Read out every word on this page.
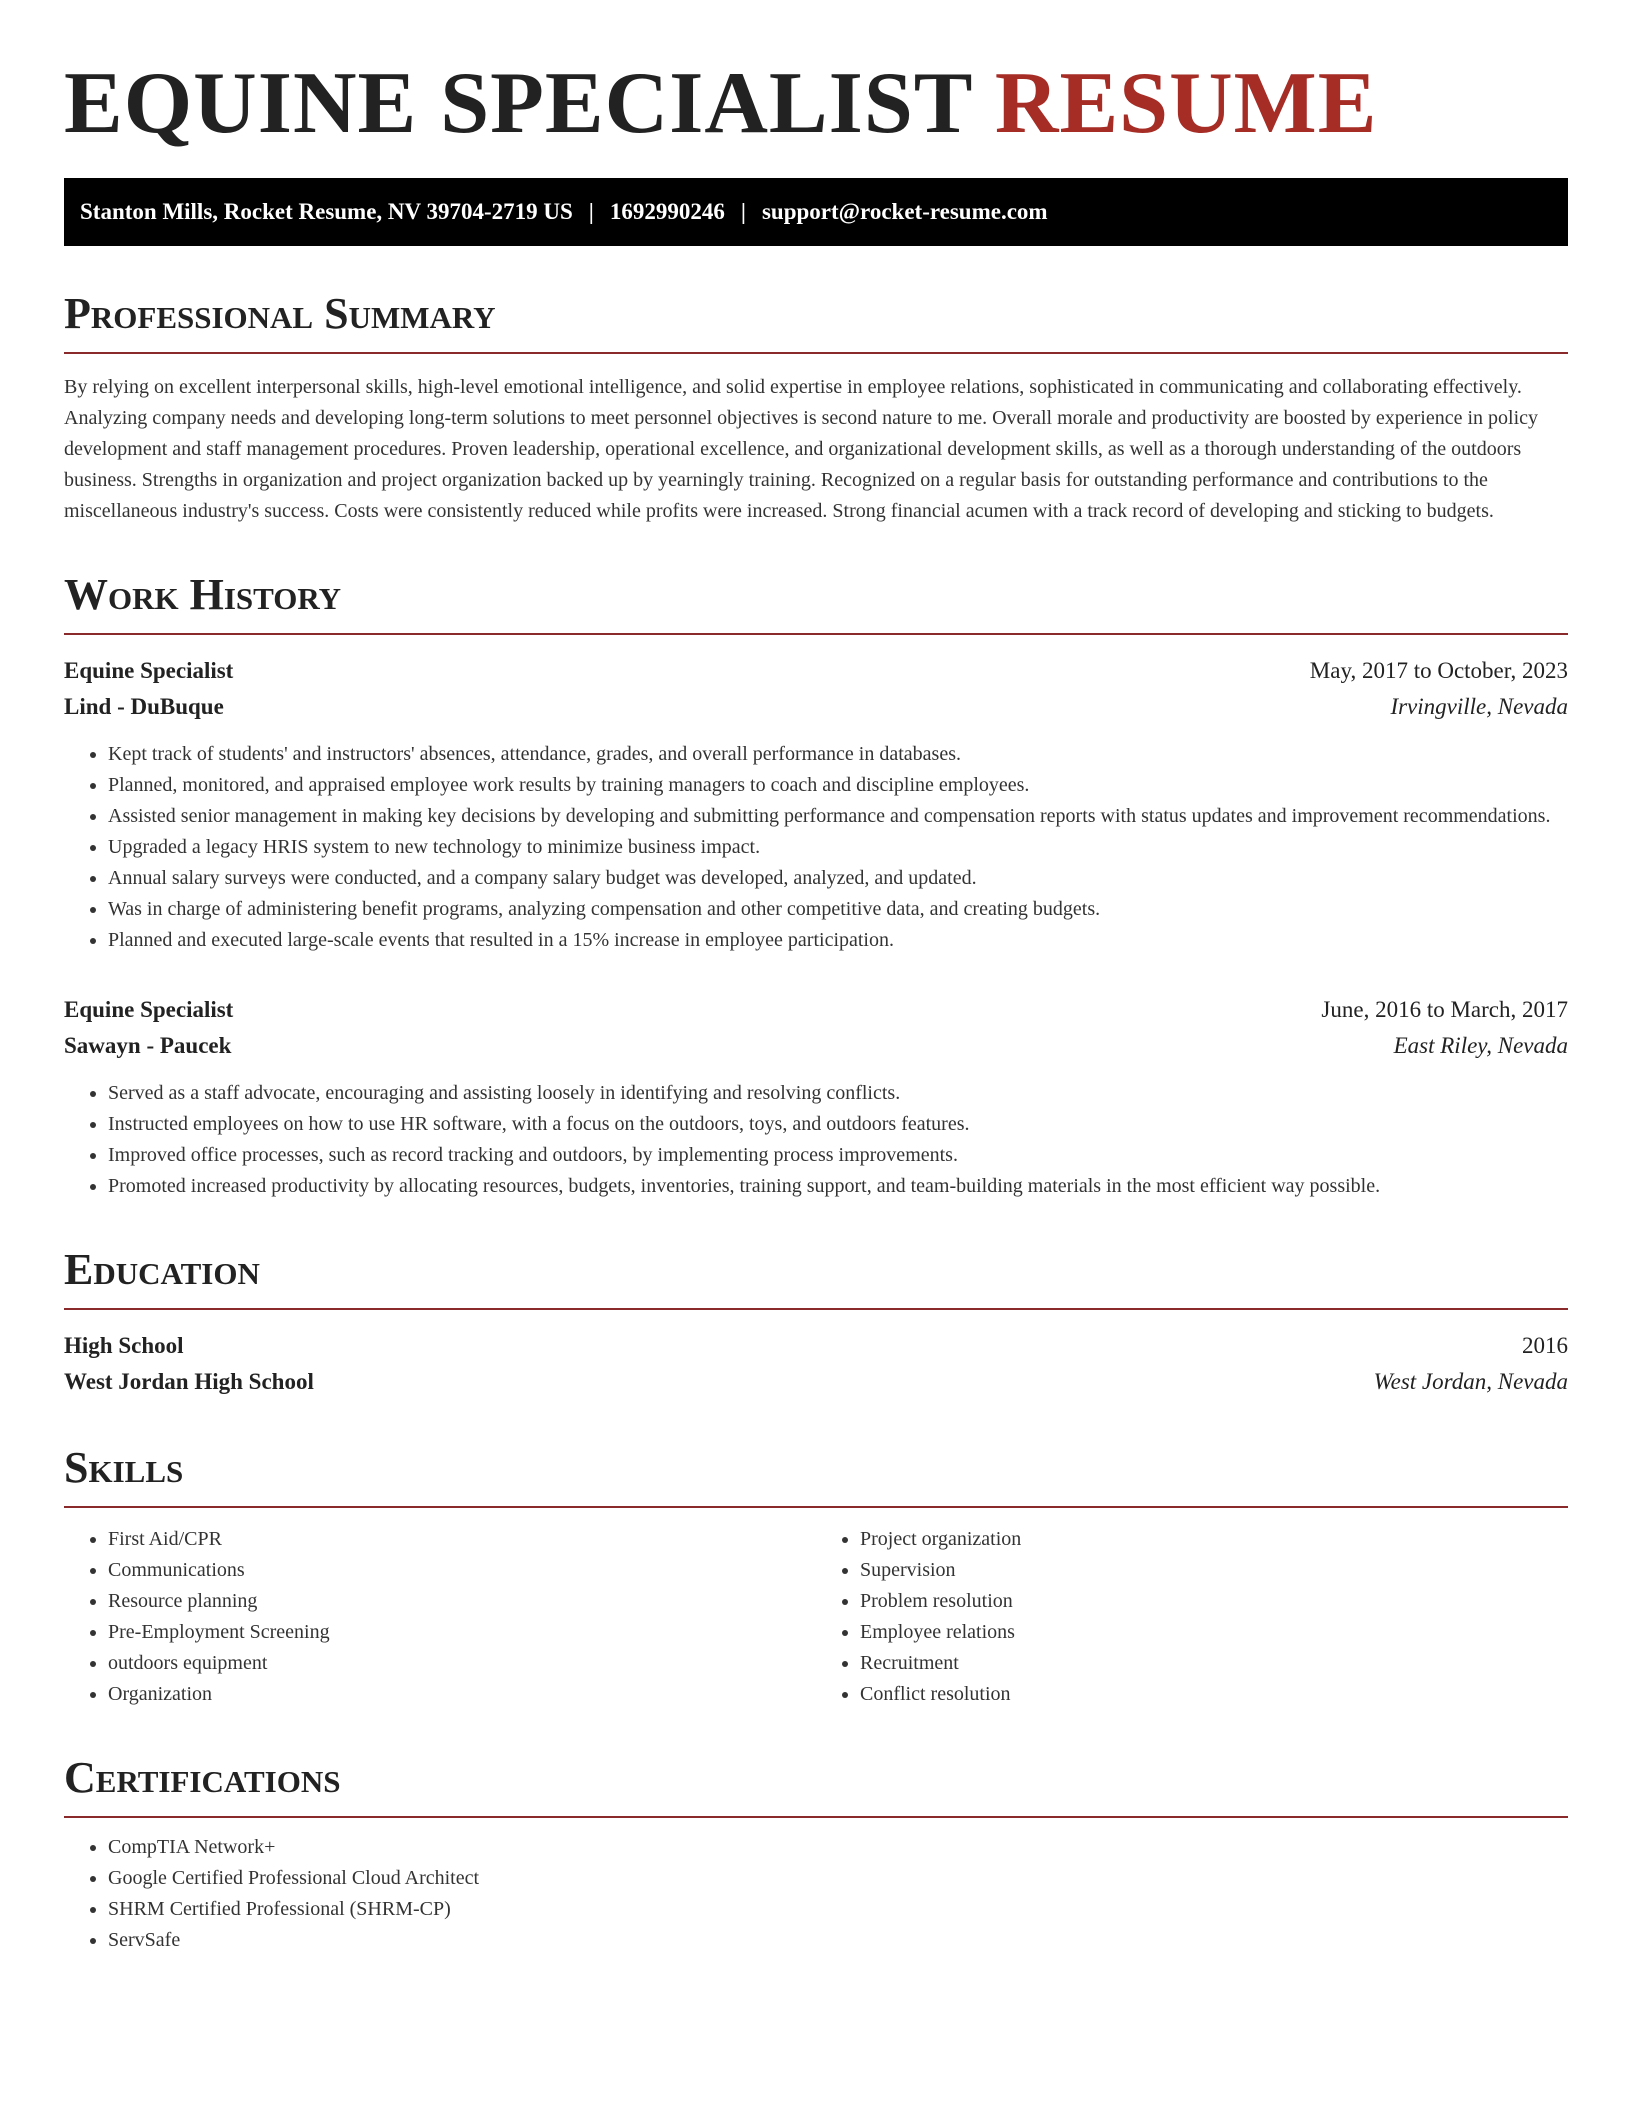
EQUINE SPECIALIST RESUME
Stanton Mills, Rocket Resume, NV 39704-2719 US | 1692990246 | support@rocket-resume.com
Professional Summary

By relying on excellent interpersonal skills, high-level emotional intelligence, and solid expertise in employee relations, sophisticated in communicating and collaborating effectively. Analyzing company needs and developing long-term solutions to meet personnel objectives is second nature to me. Overall morale and productivity are boosted by experience in policy development and staff management procedures. Proven leadership, operational excellence, and organizational development skills, as well as a thorough understanding of the outdoors business. Strengths in organization and project organization backed up by yearningly training. Recognized on a regular basis for outstanding performance and contributions to the miscellaneous industry's success. Costs were consistently reduced while profits were increased. Strong financial acumen with a track record of developing and sticking to budgets.

Work History
Equine Specialist	May, 2017 to October, 2023
Lind - DuBuque	Irvingville, Nevada
• Kept track of students' and instructors' absences, attendance, grades, and overall performance in databases.
• Planned, monitored, and appraised employee work results by training managers to coach and discipline employees.
• Assisted senior management in making key decisions by developing and submitting performance and compensation reports with status updates and improvement recommendations.
• Upgraded a legacy HRIS system to new technology to minimize business impact.
• Annual salary surveys were conducted, and a company salary budget was developed, analyzed, and updated.
• Was in charge of administering benefit programs, analyzing compensation and other competitive data, and creating budgets.
• Planned and executed large-scale events that resulted in a 15% increase in employee participation.
Equine Specialist	June, 2016 to March, 2017
Sawayn - Paucek	East Riley, Nevada
• Served as a staff advocate, encouraging and assisting loosely in identifying and resolving conflicts.
• Instructed employees on how to use HR software, with a focus on the outdoors, toys, and outdoors features.
• Improved office processes, such as record tracking and outdoors, by implementing process improvements.
• Promoted increased productivity by allocating resources, budgets, inventories, training support, and team-building materials in the most efficient way possible.
Education
High School	2016
West Jordan High School	West Jordan, Nevada
Skills
• First Aid/CPR
• Communications
• Resource planning
• Pre-Employment Screening
• outdoors equipment
• Organization
• Project organization
• Supervision
• Problem resolution
• Employee relations
• Recruitment
• Conflict resolution
Certifications
• CompTIA Network+
• Google Certified Professional Cloud Architect
• SHRM Certified Professional (SHRM-CP)
• ServSafe
